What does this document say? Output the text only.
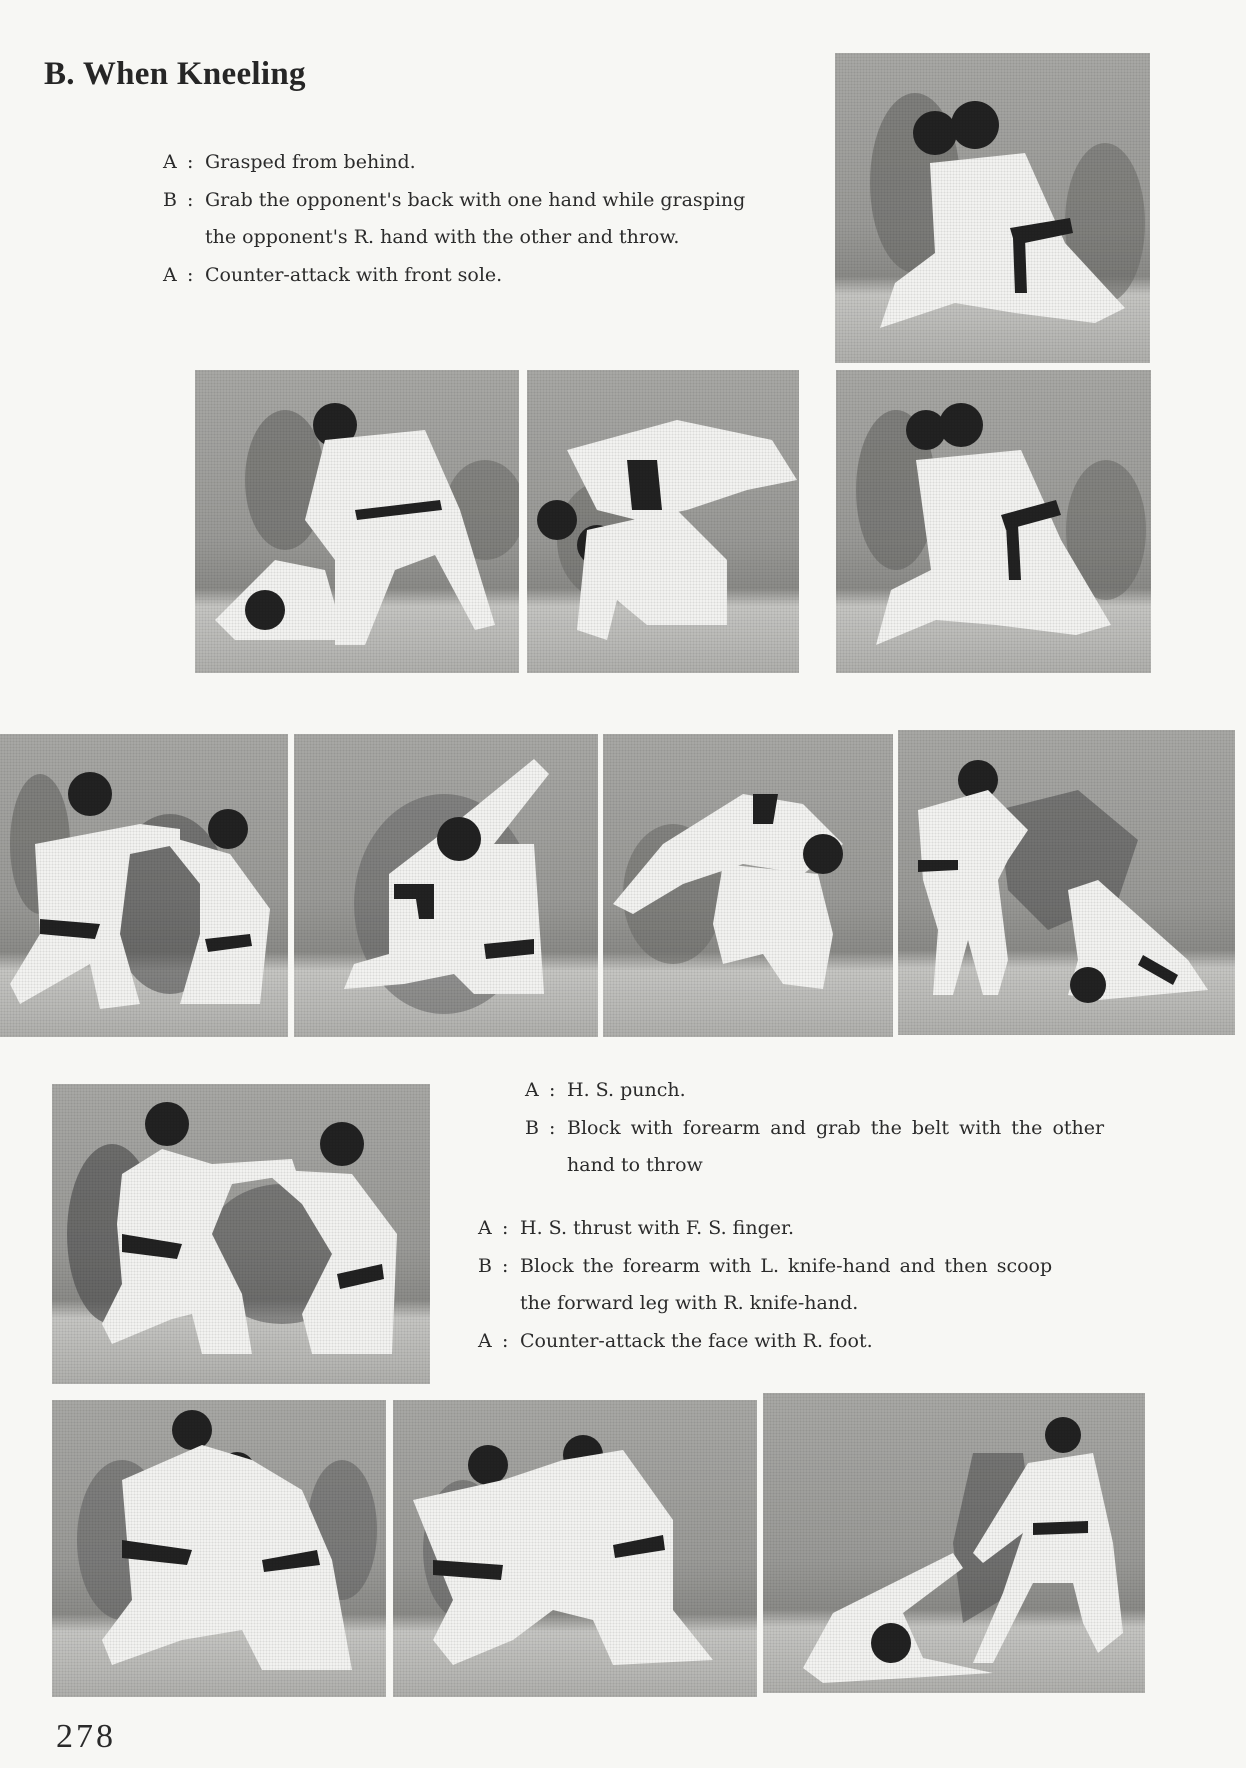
B. When Kneeling
A : Grasped from behind.
B : Grab the opponent's back with one hand while grasping
the opponent's R. hand with the other and throw.
A : Counter-attack with front sole.
A : H. S. punch.
B : Block with forearm and grab the belt with the other
hand to throw
A : H. S. thrust with F. S. finger.
B : Block the forearm with L. knife-hand and then scoop
the forward leg with R. knife-hand.
A : Counter-attack the face with R. foot.
278
